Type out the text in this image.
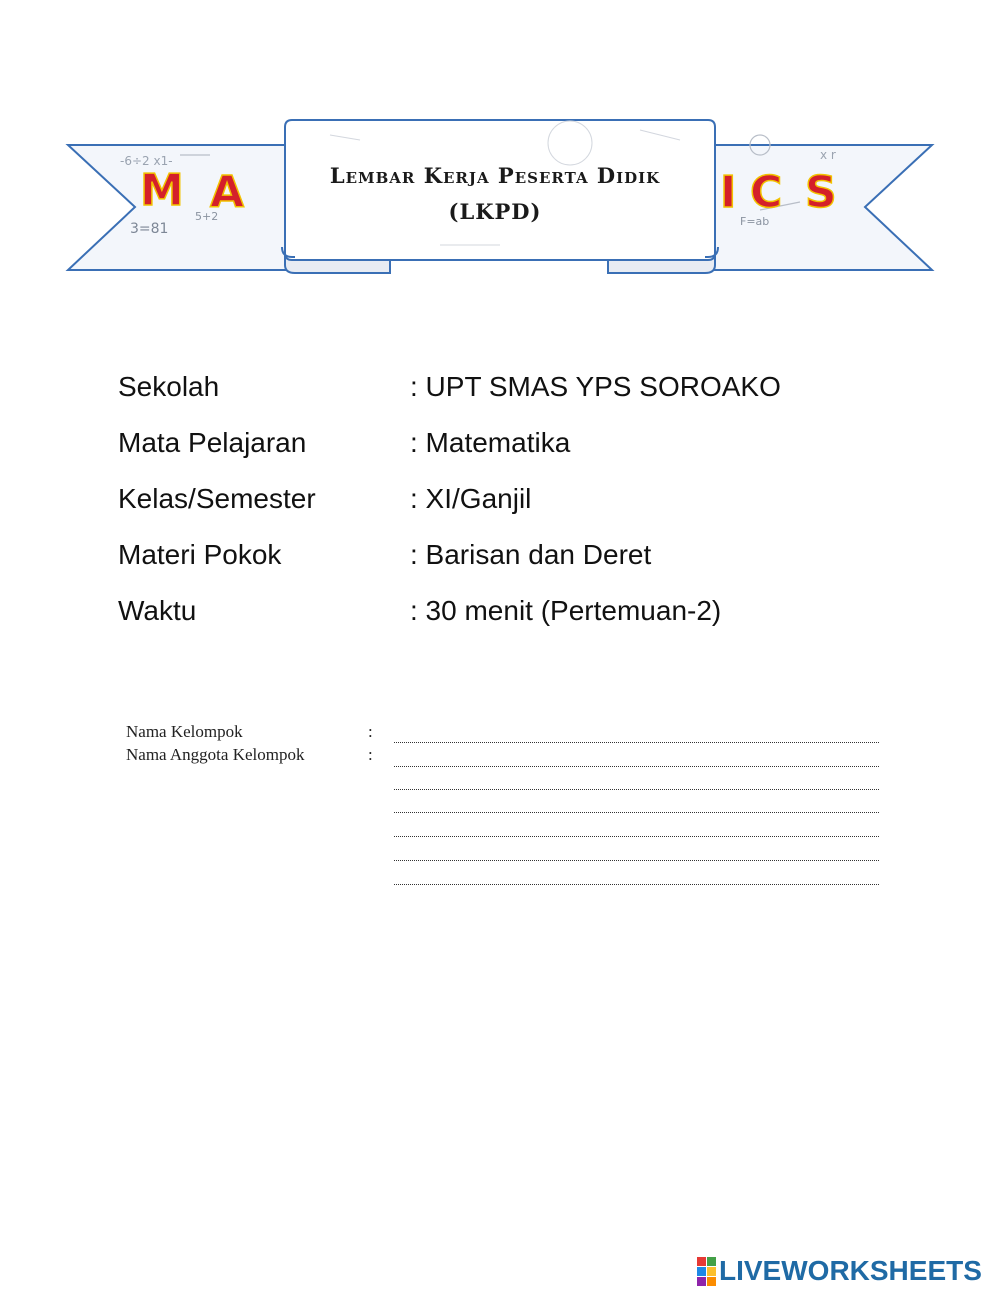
-6÷2 x1-
3=81
5+2	F=ab
x r
M A	I C S
Lembar Kerja Peserta Didik
(LKPD)
Sekolah	: UPT SMAS YPS SOROAKO
Mata Pelajaran	: Matematika
Kelas/Semester	: XI/Ganjil
Materi Pokok	: Barisan dan Deret
Waktu	: 30 menit (Pertemuan-2)
Nama Kelompok	:
Nama Anggota Kelompok	:
LIVEWORKSHEETS
